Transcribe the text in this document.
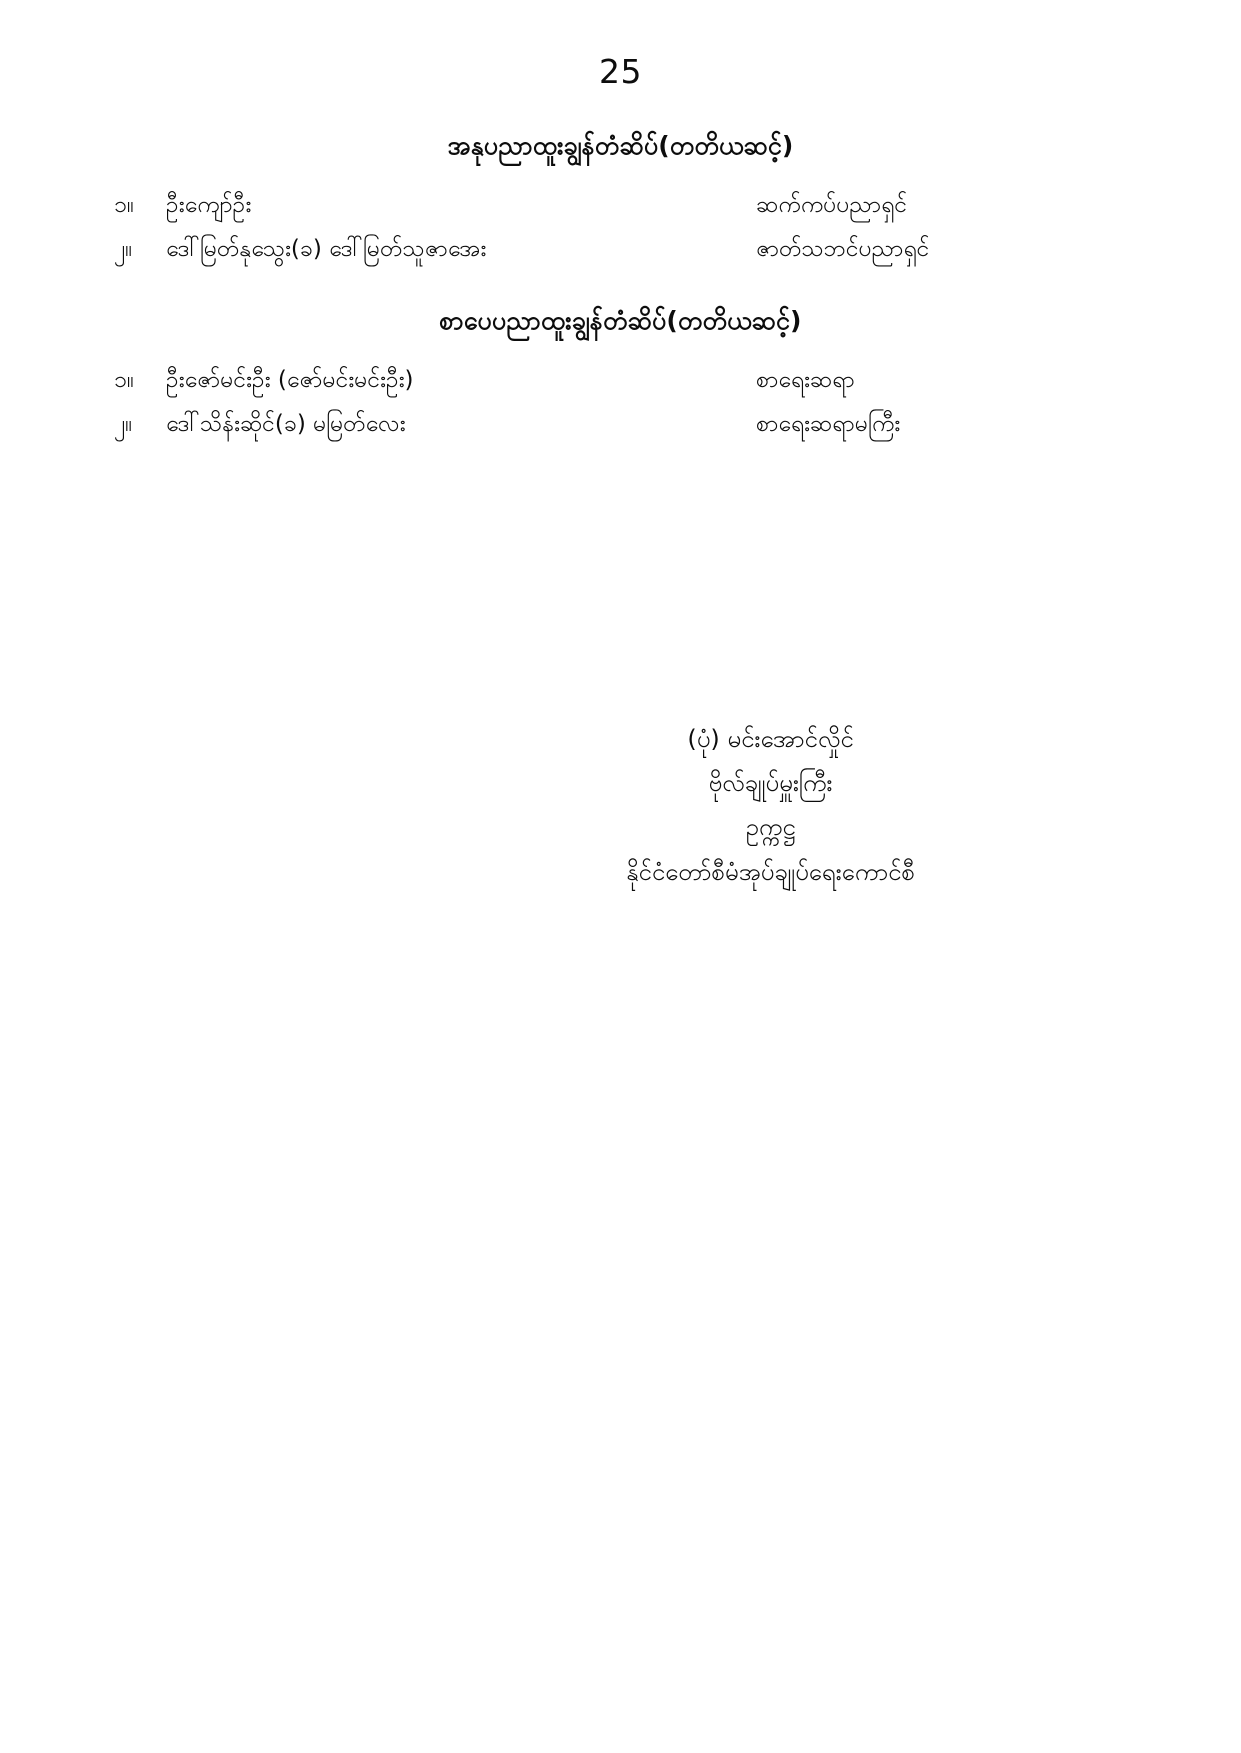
25
အနုပညာထူးချွန်တံဆိပ်(တတိယဆင့်)
၁။	ဦးကျော်ဦး	ဆက်ကပ်ပညာရှင်
၂။	ဒေါ်မြတ်နုသွေး(ခ) ဒေါ်မြတ်သူဇာအေး	ဇာတ်သဘင်ပညာရှင်
စာပေပညာထူးချွန်တံဆိပ်(တတိယဆင့်)
၁။	ဦးဇော်မင်းဦး (ဇော်မင်းမင်းဦး)	စာရေးဆရာ
၂။	ဒေါ်သိန်းဆိုင်(ခ) မမြတ်လေး	စာရေးဆရာမကြီး
(ပုံ) မင်းအောင်လှိုင်
ဗိုလ်ချုပ်မှူးကြီး
ဥက္ကဋ္ဌ
နိုင်ငံတော်စီမံအုပ်ချုပ်ရေးကောင်စီ
